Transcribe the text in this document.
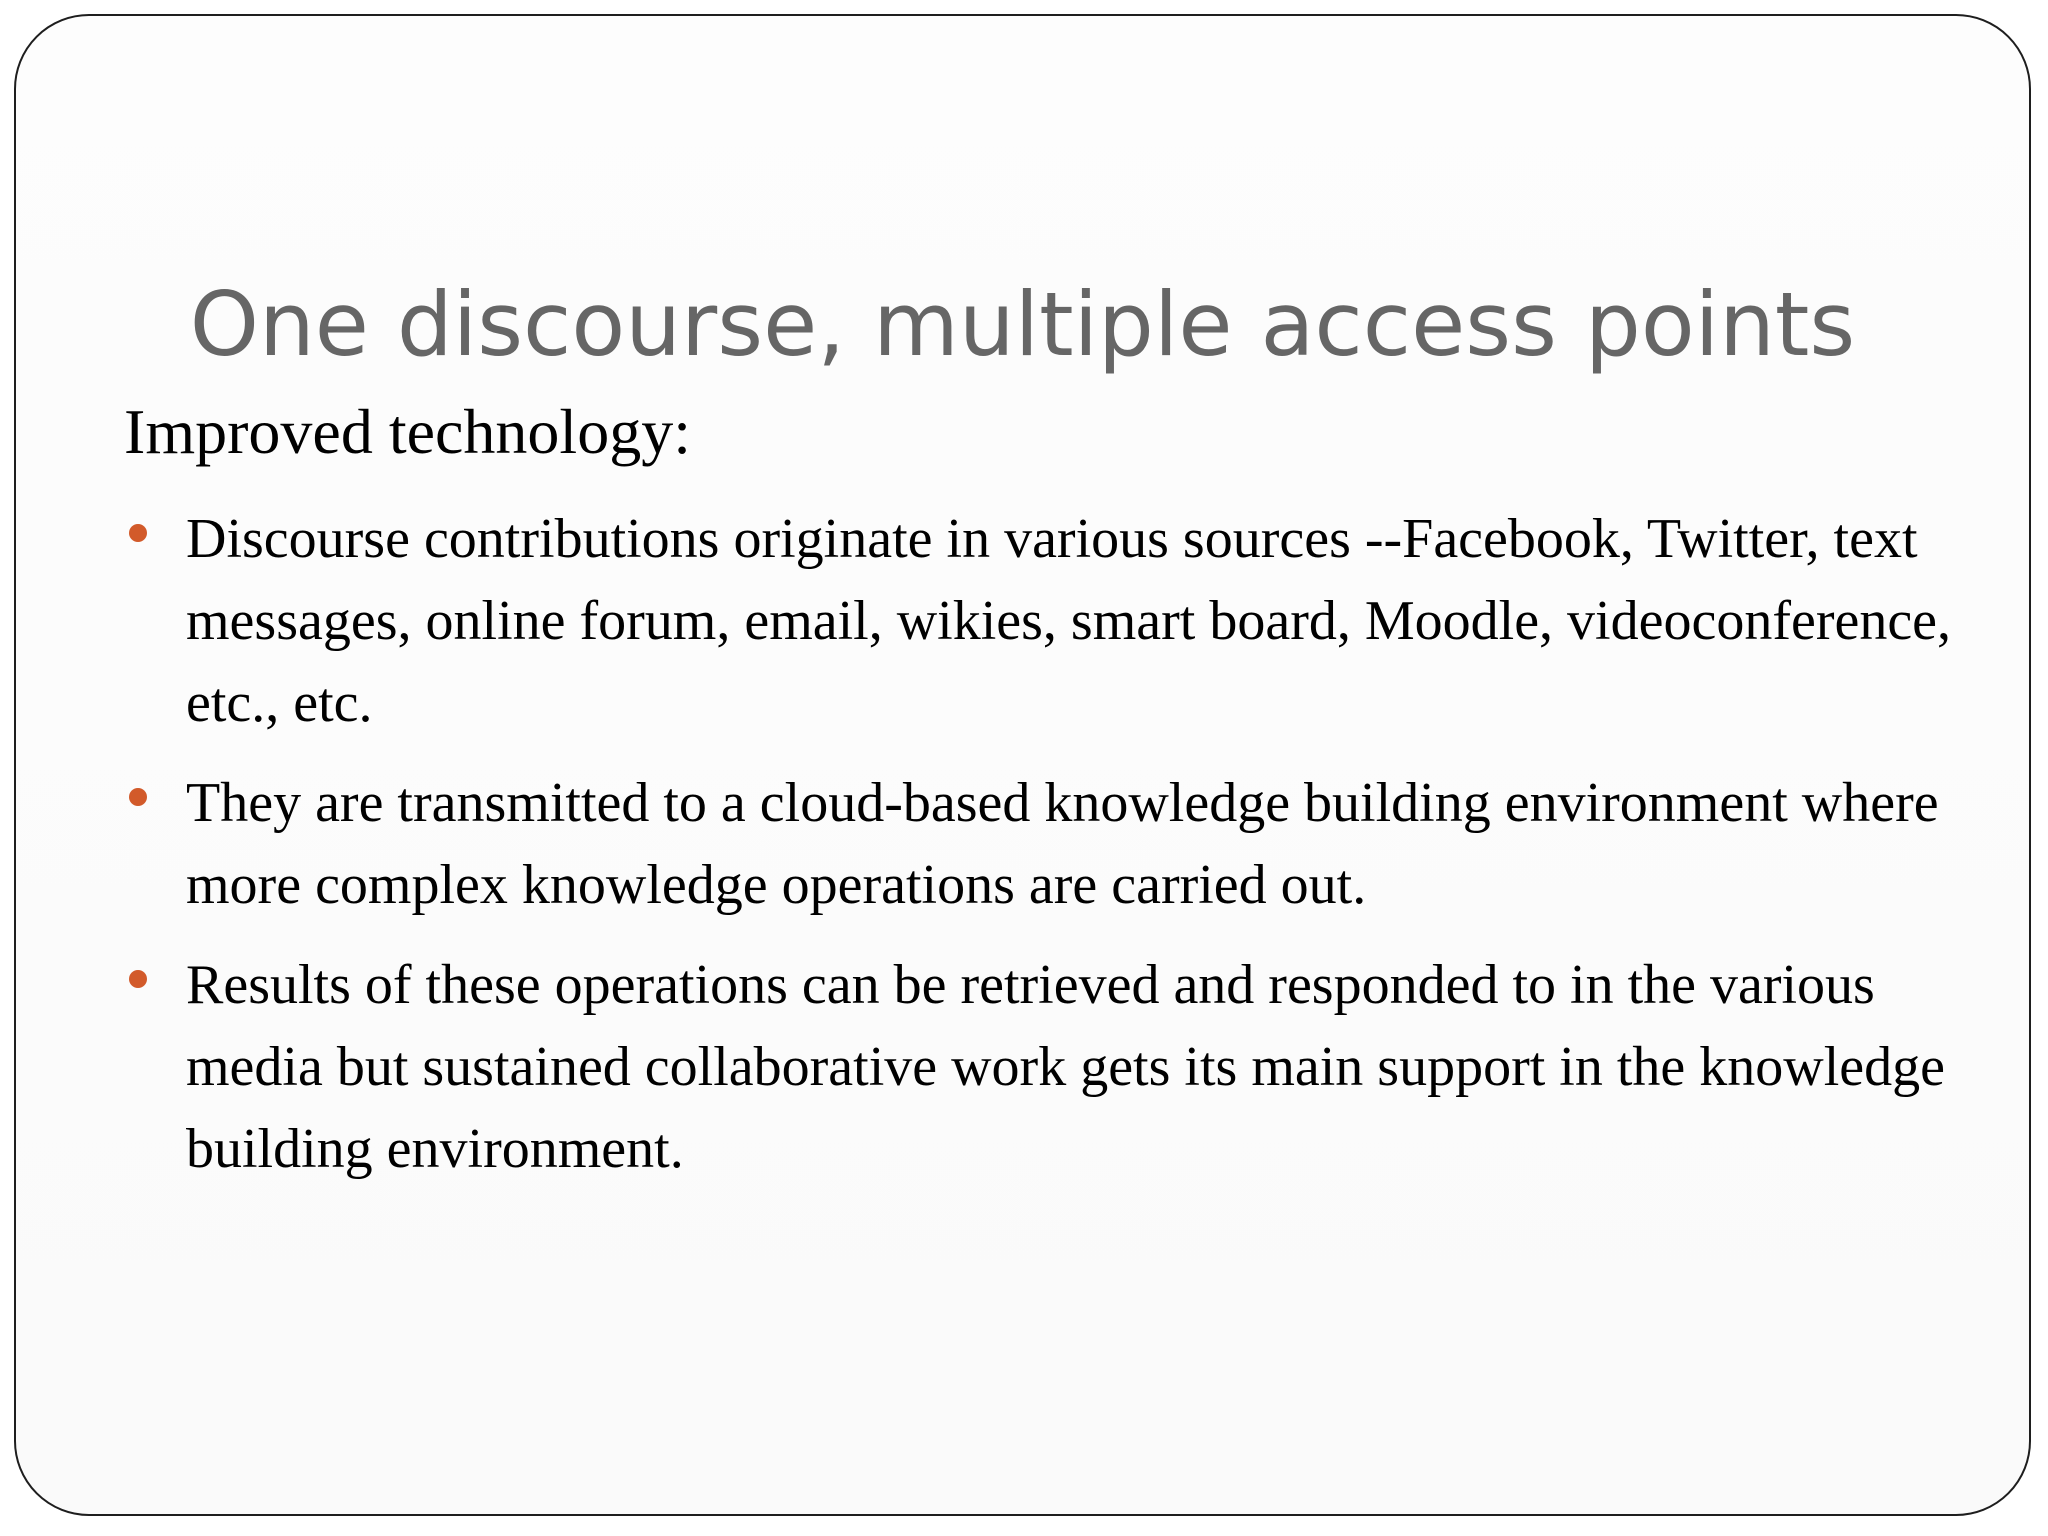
One discourse, multiple access points
Improved technology:
Discourse contributions originate in various sources --Facebook, Twitter, text messages, online forum, email, wikies, smart board, Moodle, videoconference, etc., etc.
They are transmitted to a cloud-based knowledge building environment where more complex knowledge operations are carried out.
Results of these operations can be retrieved and responded to in the various media but sustained collaborative work gets its main support in the knowledge building environment.
